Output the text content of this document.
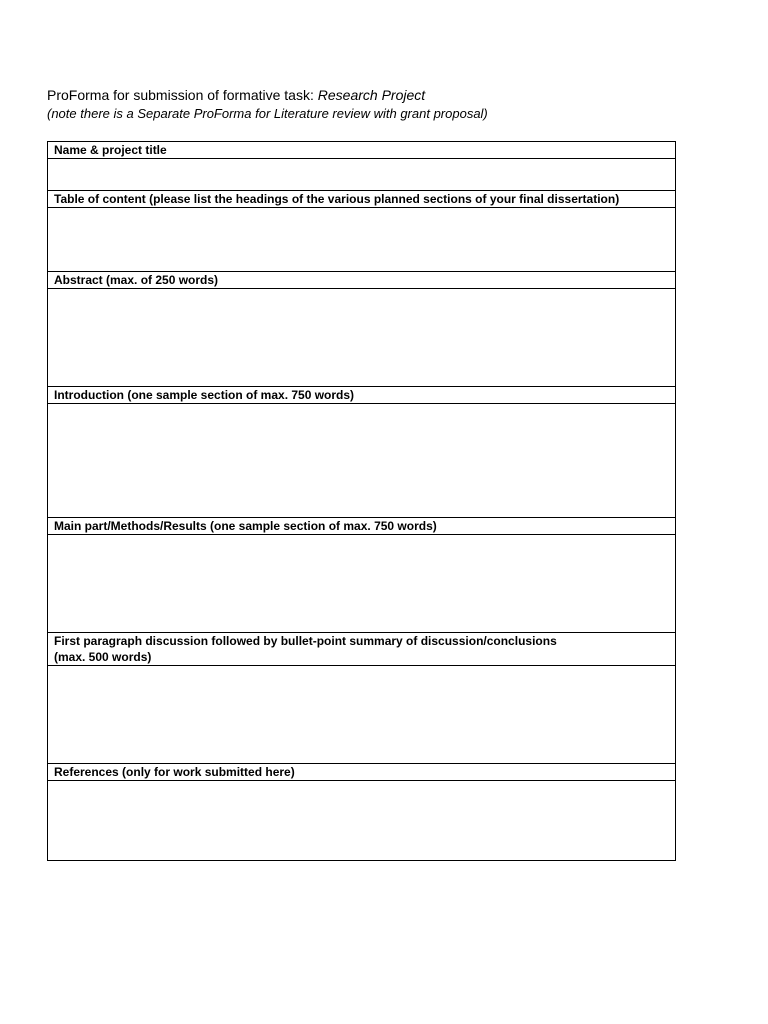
ProForma for submission of formative task: Research Project
(note there is a Separate ProForma for Literature review with grant proposal)
Name & project title

Table of content (please list the headings of the various planned sections of your final dissertation)

Abstract (max. of 250 words)

Introduction (one sample section of max. 750 words)

Main part/Methods/Results (one sample section of max. 750 words)

First paragraph discussion followed by bullet-point summary of discussion/conclusions
(max. 500 words)

References (only for work submitted here)
